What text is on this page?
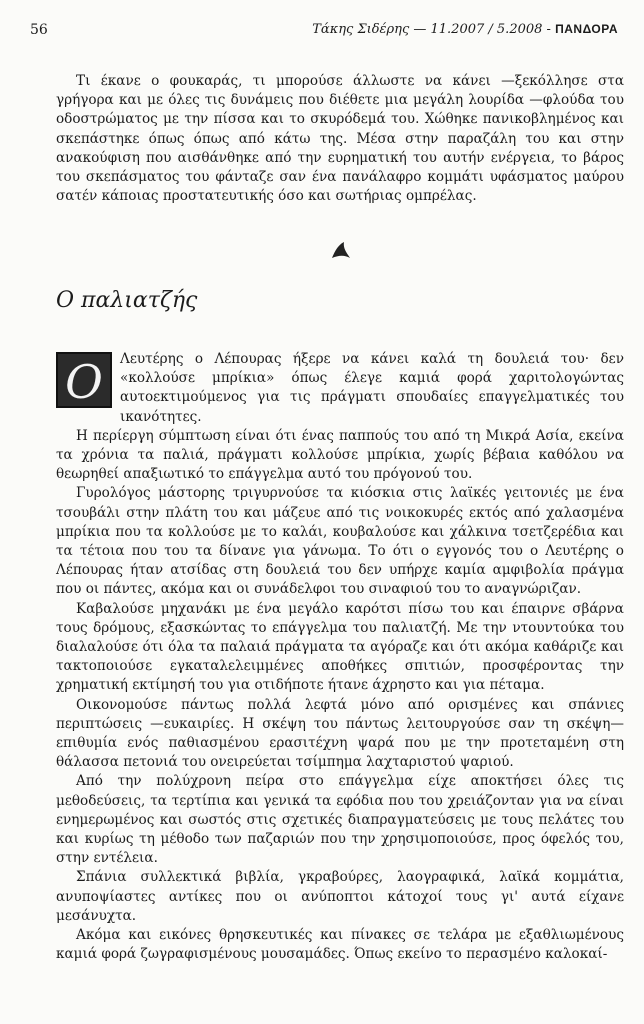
56	Τάκης Σιδέρης — 11.2007 / 5.2008 - ΠΑΝΔΟΡΑ

Τι έκανε ο φουκαράς, τι μπορούσε άλλωστε να κάνει —ξεκόλλησε στα γρήγορα και με όλες τις δυνάμεις που διέθετε μια μεγάλη λουρίδα —φλούδα του οδοστρώματος με την πίσσα και το σκυρόδεμά του. Χώθηκε πανικοβλημένος και σκεπάστηκε όπως όπως από κάτω της. Μέσα στην παραζάλη του και στην ανακούφιση που αισθάνθηκε από την ευρηματική του αυτήν ενέργεια, το βάρος του σκεπάσματος του φάνταζε σαν ένα πανάλαφρο κομμάτι υφάσματος μαύρου σατέν κάποιας προστατευτικής όσο και σωτήριας ομπρέλας.

Ο παλιατζής

Ο	Λευτέρης ο Λέπουρας ήξερε να κάνει καλά τη δουλειά του· δεν «κολλούσε μπρίκια» όπως έλεγε καμιά φορά χαριτολογώντας αυτοεκτιμούμενος για τις πράγματι σπουδαίες επαγγελματικές του ικανότητες.

Η περίεργη σύμπτωση είναι ότι ένας παππούς του από τη Μικρά Ασία, εκείνα τα χρόνια τα παλιά, πράγματι κολλούσε μπρίκια, χωρίς βέβαια καθόλου να θεωρηθεί απαξιωτικό το επάγγελμα αυτό του πρόγονού του.

Γυρολόγος μάστορης τριγυρνούσε τα κιόσκια στις λαϊκές γειτονιές με ένα τσουβάλι στην πλάτη του και μάζευε από τις νοικοκυρές εκτός από χαλασμένα μπρίκια που τα κολλούσε με το καλάι, κουβαλούσε και χάλκινα τσετζερέδια και τα τέτοια που του τα δίνανε για γάνωμα. Το ότι ο εγγονός του ο Λευτέρης ο Λέπουρας ήταν ατσίδας στη δουλειά του δεν υπήρχε καμία αμφιβολία πράγμα που οι πάντες, ακόμα και οι συνάδελφοι του σιναφιού του το αναγνώριζαν.

Καβαλούσε μηχανάκι με ένα μεγάλο καρότσι πίσω του και έπαιρνε σβάρνα τους δρόμους, εξασκώντας το επάγγελμα του παλιατζή. Με την ντουντούκα του διαλαλούσε ότι όλα τα παλαιά πράγματα τα αγόραζε και ότι ακόμα καθάριζε και τακτοποιούσε εγκαταλελειμμένες αποθήκες σπιτιών, προσφέροντας την χρηματική εκτίμησή του για οτιδήποτε ήτανε άχρηστο και για πέταμα.

Οικονομούσε πάντως πολλά λεφτά μόνο από ορισμένες και σπάνιες περιπτώσεις —ευκαιρίες. Η σκέψη του πάντως λειτουργούσε σαν τη σκέψη—επιθυμία ενός παθιασμένου ερασιτέχνη ψαρά που με την προτεταμένη στη θάλασσα πετονιά του ονειρεύεται τσίμπημα λαχταριστού ψαριού.

Από την πολύχρονη πείρα στο επάγγελμα είχε αποκτήσει όλες τις μεθοδεύσεις, τα τερτίπια και γενικά τα εφόδια που του χρειάζονταν για να είναι ενημερωμένος και σωστός στις σχετικές διαπραγματεύσεις με τους πελάτες του και κυρίως τη μέθοδο των παζαριών που την χρησιμοποιούσε, προς όφελός του, στην εντέλεια.

Σπάνια συλλεκτικά βιβλία, γκραβούρες, λαογραφικά, λαϊκά κομμάτια, ανυποψίαστες αντίκες που οι ανύποπτοι κάτοχοί τους γι' αυτά είχανε μεσάνυχτα.

Ακόμα και εικόνες θρησκευτικές και πίνακες σε τελάρα με εξαθλιωμένους καμιά φορά ζωγραφισμένους μουσαμάδες. Όπως εκείνο το περασμένο καλοκαί-
